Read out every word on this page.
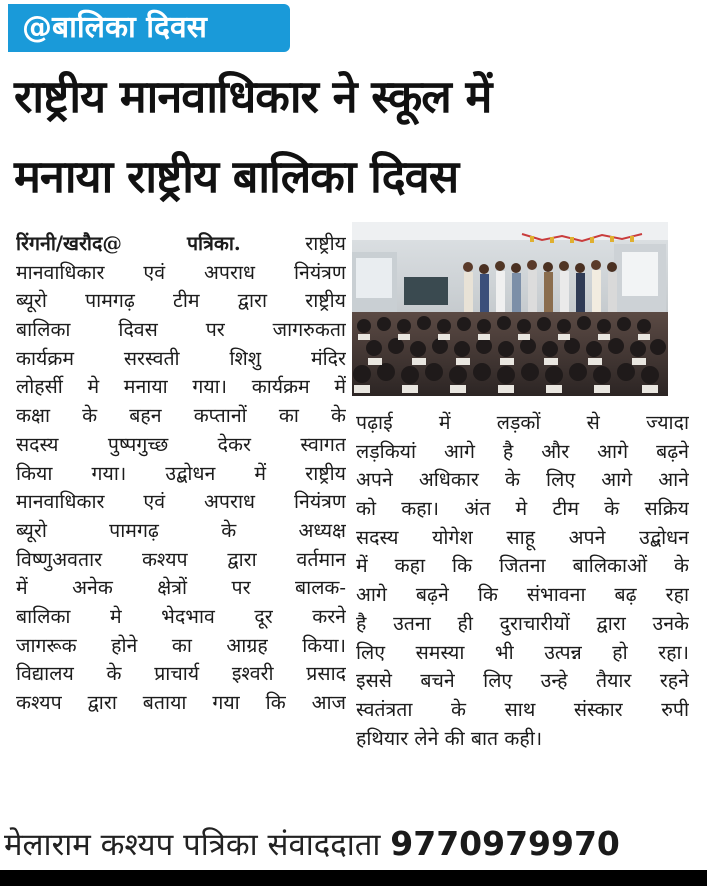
@बालिका दिवस
राष्ट्रीय मानवाधिकार ने स्कूल में
मनाया राष्ट्रीय बालिका दिवस
रिंगनी/खरौद@ पत्रिका.	राष्ट्रीय
मानवाधिकार एवं अपराध नियंत्रण
ब्यूरो पामगढ़ टीम द्वारा राष्ट्रीय
बालिका दिवस पर जागरुकता
कार्यक्रम सरस्वती शिशु मंदिर
लोहर्सी मे मनाया गया। कार्यक्रम में
कक्षा के बहन कप्तानों का के
सदस्य पुष्पगुच्छ देकर स्वागत
किया गया। उद्बोधन में राष्ट्रीय
मानवाधिकार एवं अपराध नियंत्रण
ब्यूरो पामगढ़ के अध्यक्ष
विष्णुअवतार कश्यप द्वारा वर्तमान
में अनेक क्षेत्रों पर बालक-
बालिका मे भेदभाव दूर करने
जागरूक होने का आग्रह किया।
विद्यालय के प्राचार्य इश्वरी प्रसाद
कश्यप द्वारा बताया गया कि आज
पढ़ाई में लड़कों से ज्यादा
लड़कियां आगे है और आगे बढ़ने
अपने अधिकार के लिए आगे आने
को कहा। अंत मे टीम के सक्रिय
सदस्य योगेश साहू अपने उद्बोधन
में कहा कि जितना बालिकाओं के
आगे बढ़ने कि संभावना बढ़ रहा
है उतना ही दुराचारीयों द्वारा उनके
लिए समस्या भी उत्पन्न हो रहा।
इससे बचने लिए उन्हे तैयार रहने
स्वतंत्रता के साथ संस्कार रुपी
हथियार लेने की बात कही।
मेलाराम कश्यप पत्रिका संवाददाता 9770979970
